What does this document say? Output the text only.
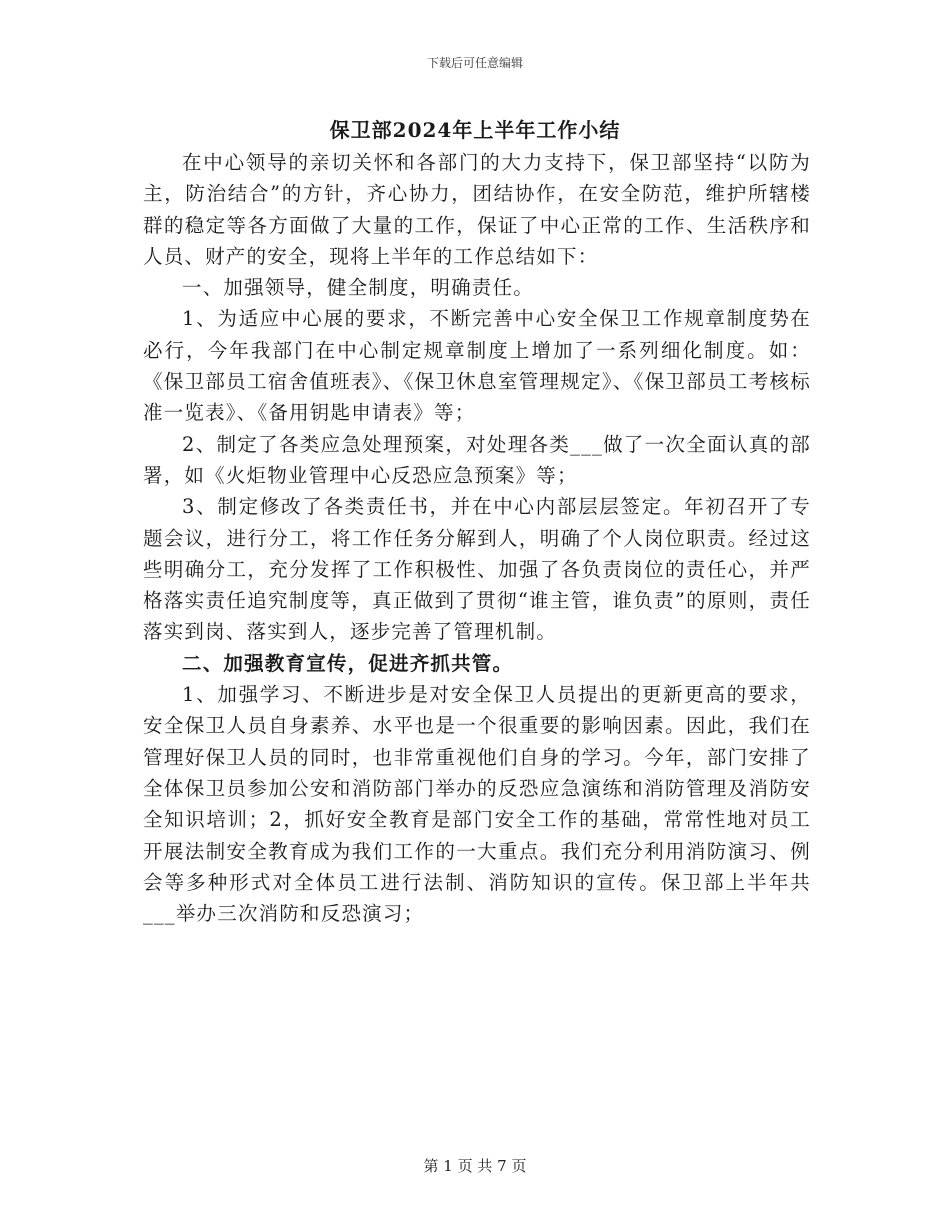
下载后可任意编辑
保卫部2024年上半年工作小结

在中心领导的亲切关怀和各部门的大力支持下，保卫部坚持“以防为主，防治结合”的方针，齐心协力，团结协作，在安全防范，维护所辖楼群的稳定等各方面做了大量的工作，保证了中心正常的工作、生活秩序和人员、财产的安全，现将上半年的工作总结如下：

一、加强领导，健全制度，明确责任。

1、为适应中心展的要求，不断完善中心安全保卫工作规章制度势在必行，今年我部门在中心制定规章制度上增加了一系列细化制度。如：《保卫部员工宿舍值班表》、《保卫休息室管理规定》、《保卫部员工考核标准一览表》、《备用钥匙申请表》等；

2、制定了各类应急处理预案，对处理各类___做了一次全面认真的部署，如《火炬物业管理中心反恐应急预案》等；

3、制定修改了各类责任书，并在中心内部层层签定。年初召开了专题会议，进行分工，将工作任务分解到人，明确了个人岗位职责。经过这些明确分工，充分发挥了工作积极性、加强了各负责岗位的责任心，并严格落实责任追究制度等，真正做到了贯彻“谁主管，谁负责”的原则，责任落实到岗、落实到人，逐步完善了管理机制。

二、加强教育宣传，促进齐抓共管。

1、加强学习、不断进步是对安全保卫人员提出的更新更高的要求，安全保卫人员自身素养、水平也是一个很重要的影响因素。因此，我们在管理好保卫人员的同时，也非常重视他们自身的学习。今年，部门安排了全体保卫员参加公安和消防部门举办的反恐应急演练和消防管理及消防安全知识培训；2，抓好安全教育是部门安全工作的基础，常常性地对员工开展法制安全教育成为我们工作的一大重点。我们充分利用消防演习、例会等多种形式对全体员工进行法制、消防知识的宣传。保卫部上半年共___举办三次消防和反恐演习；

第 1 页 共 7 页
